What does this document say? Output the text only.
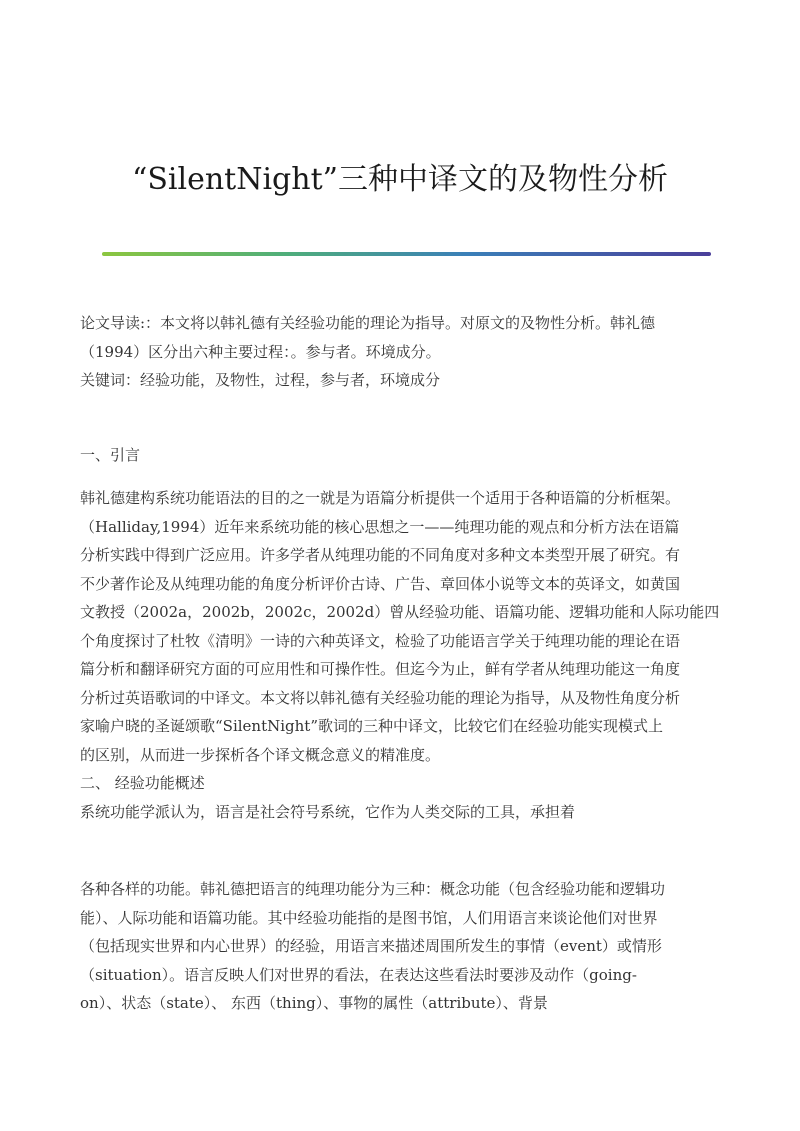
“SilentNight”三种中译文的及物性分析

论文导读:：本文将以韩礼德有关经验功能的理论为指导。对原文的及物性分析。韩礼德
（1994）区分出六种主要过程：。参与者。环境成分。

关键词：经验功能，及物性，过程，参与者，环境成分

一、引言

韩礼德建构系统功能语法的目的之一就是为语篇分析提供一个适用于各种语篇的分析框架。
（Halliday,1994）近年来系统功能的核心思想之一——纯理功能的观点和分析方法在语篇
分析实践中得到广泛应用。许多学者从纯理功能的不同角度对多种文本类型开展了研究。有
不少著作论及从纯理功能的角度分析评价古诗、广告、章回体小说等文本的英译文，如黄国
文教授（2002a，2002b，2002c，2002d）曾从经验功能、语篇功能、逻辑功能和人际功能四
个角度探讨了杜牧《清明》一诗的六种英译文，检验了功能语言学关于纯理功能的理论在语
篇分析和翻译研究方面的可应用性和可操作性。但迄今为止，鲜有学者从纯理功能这一角度
分析过英语歌词的中译文。本文将以韩礼德有关经验功能的理论为指导，从及物性角度分析
家喻户晓的圣诞颂歌“SilentNight”歌词的三种中译文，比较它们在经验功能实现模式上
的区别，从而进一步探析各个译文概念意义的精准度。

二、 经验功能概述

系统功能学派认为，语言是社会符号系统，它作为人类交际的工具，承担着

各种各样的功能。韩礼德把语言的纯理功能分为三种：概念功能（包含经验功能和逻辑功
能）、人际功能和语篇功能。其中经验功能指的是图书馆，人们用语言来谈论他们对世界
（包括现实世界和内心世界）的经验，用语言来描述周围所发生的事情（event）或情形
（situation）。语言反映人们对世界的看法，在表达这些看法时要涉及动作（going-
on）、状态（state）、 东西（thing）、事物的属性（attribute）、背景
